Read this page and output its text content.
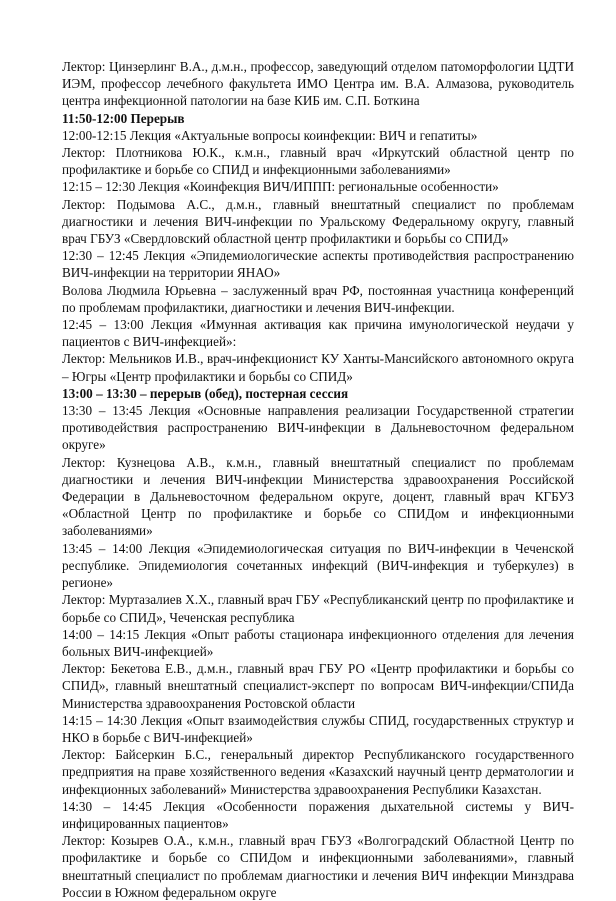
Лектор: Цинзерлинг В.А., д.м.н., профессор, заведующий отделом патоморфологии ЦДТИ ИЭМ, профессор лечебного факультета ИМО Центра им. В.А. Алмазова, руководитель центра инфекционной патологии на базе КИБ им. С.П. Боткина

11:50-12:00 Перерыв

12:00-12:15 Лекция «Актуальные вопросы коинфекции: ВИЧ и гепатиты»

Лектор: Плотникова Ю.К., к.м.н., главный врач «Иркутский областной центр по профилактике и борьбе со СПИД и инфекционными заболеваниями»

12:15 – 12:30 Лекция «Коинфекция ВИЧ/ИППП: региональные особенности»

Лектор: Подымова А.С., д.м.н., главный внештатный специалист по проблемам диагностики и лечения ВИЧ-инфекции по Уральскому Федеральному округу, главный врач ГБУЗ «Свердловский областной центр профилактики и борьбы со СПИД»

12:30 – 12:45 Лекция «Эпидемиологические аспекты противодействия распространению ВИЧ-инфекции на территории ЯНАО»

Волова Людмила Юрьевна – заслуженный врач РФ, постоянная участница конференций по проблемам профилактики, диагностики и лечения ВИЧ-инфекции.

12:45 – 13:00 Лекция «Имунная активация как причина имунологической неудачи у пациентов с ВИЧ-инфекцией»:

Лектор: Мельников И.В., врач-инфекционист КУ Ханты-Мансийского автономного округа – Югры «Центр профилактики и борьбы со СПИД»

13:00 – 13:30 – перерыв (обед), постерная сессия

13:30 – 13:45 Лекция «Основные направления реализации Государственной стратегии противодействия распространению ВИЧ-инфекции в Дальневосточном федеральном округе»

Лектор: Кузнецова А.В., к.м.н., главный внештатный специалист по проблемам диагностики и лечения ВИЧ-инфекции Министерства здравоохранения Российской Федерации в Дальневосточном федеральном округе, доцент, главный врач КГБУЗ «Областной Центр по профилактике и борьбе со СПИДом и инфекционными заболеваниями»

13:45 – 14:00 Лекция «Эпидемиологическая ситуация по ВИЧ-инфекции в Чеченской республике. Эпидемиология сочетанных инфекций (ВИЧ-инфекция и туберкулез) в регионе»

Лектор: Муртазалиев Х.Х., главный врач ГБУ «Республиканский центр по профилактике и борьбе со СПИД», Чеченская республика

14:00 – 14:15 Лекция «Опыт работы стационара инфекционного отделения для лечения больных ВИЧ-инфекцией»

Лектор: Бекетова Е.В., д.м.н., главный врач ГБУ РО «Центр профилактики и борьбы со СПИД», главный внештатный специалист-эксперт по вопросам ВИЧ-инфекции/СПИДа Министерства здравоохранения Ростовской области

14:15 – 14:30 Лекция «Опыт взаимодействия службы СПИД, государственных структур и НКО в борьбе с ВИЧ-инфекцией»

Лектор: Байсеркин Б.С., генеральный директор Республиканского государственного предприятия на праве хозяйственного ведения «Казахский научный центр дерматологии и инфекционных заболеваний» Министерства здравоохранения Республики Казахстан.

14:30 – 14:45 Лекция «Особенности поражения дыхательной системы у ВИЧ-инфицированных пациентов»

Лектор: Козырев О.А., к.м.н., главный врач ГБУЗ «Волгоградский Областной Центр по профилактике и борьбе со СПИДом и инфекционными заболеваниями», главный внештатный специалист по проблемам диагностики и лечения ВИЧ инфекции Минздрава России в Южном федеральном округе
